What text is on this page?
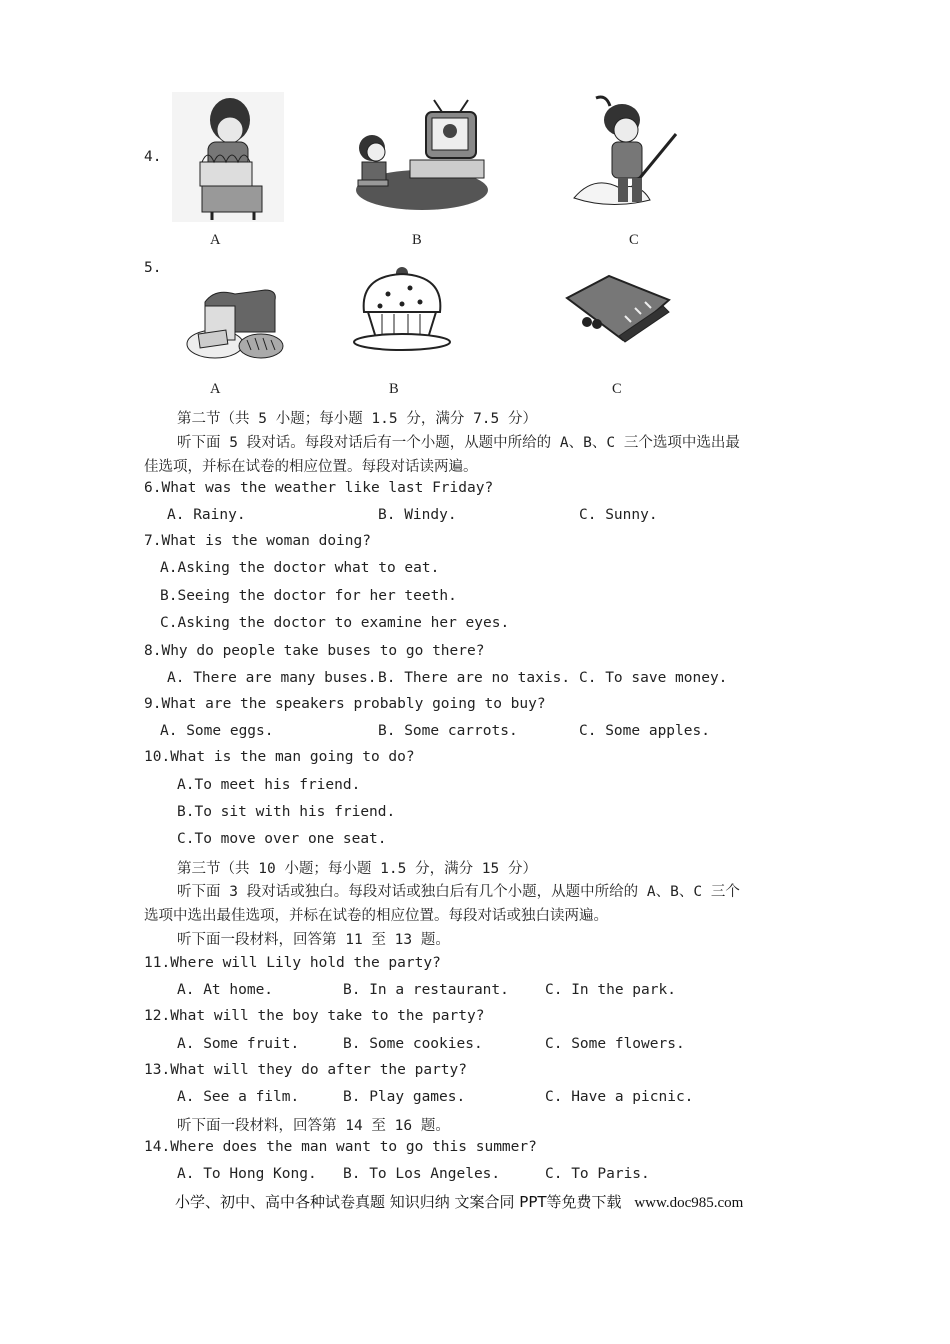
4.
A	B	C
5.
A	B	C
第二节（共 5 小题；每小题 1.5 分，满分 7.5 分）
听下面 5 段对话。每段对话后有一个小题，从题中所给的 A、B、C 三个选项中选出最
佳选项，并标在试卷的相应位置。每段对话读两遍。
6.What was the weather like last Friday?
A. Rainy.	B. Windy.	C. Sunny.
7.What is the woman doing?
A.Asking the doctor what to eat.
B.Seeing the doctor for her teeth.
C.Asking the doctor to examine her eyes.
8.Why do people take buses to go there?
A. There are many buses. B. There are no taxis. C. To save money.
9.What are the speakers probably going to buy?
A. Some eggs.	B. Some carrots.	C. Some apples.
10.What is the man going to do?
A.To meet his friend.
B.To sit with his friend.
C.To move over one seat.
第三节（共 10 小题；每小题 1.5 分，满分 15 分）
听下面 3 段对话或独白。每段对话或独白后有几个小题，从题中所给的 A、B、C 三个
选项中选出最佳选项，并标在试卷的相应位置。每段对话或独白读两遍。
听下面一段材料，回答第 11 至 13 题。
11.Where will Lily hold the party?
A. At home.	B. In a restaurant. C. In the park.
12.What will the boy take to the party?
A. Some fruit.	B. Some cookies.	C. Some flowers.
13.What will they do after the party?
A. See a film.	B. Play games.	C. Have a picnic.
听下面一段材料，回答第 14 至 16 题。
14.Where does the man want to go this summer?
A. To Hong Kong. B. To Los Angeles.	C. To Paris.
小学、初中、高中各种试卷真题 知识归纳 文案合同 PPT等免费下载 www.doc985.com
